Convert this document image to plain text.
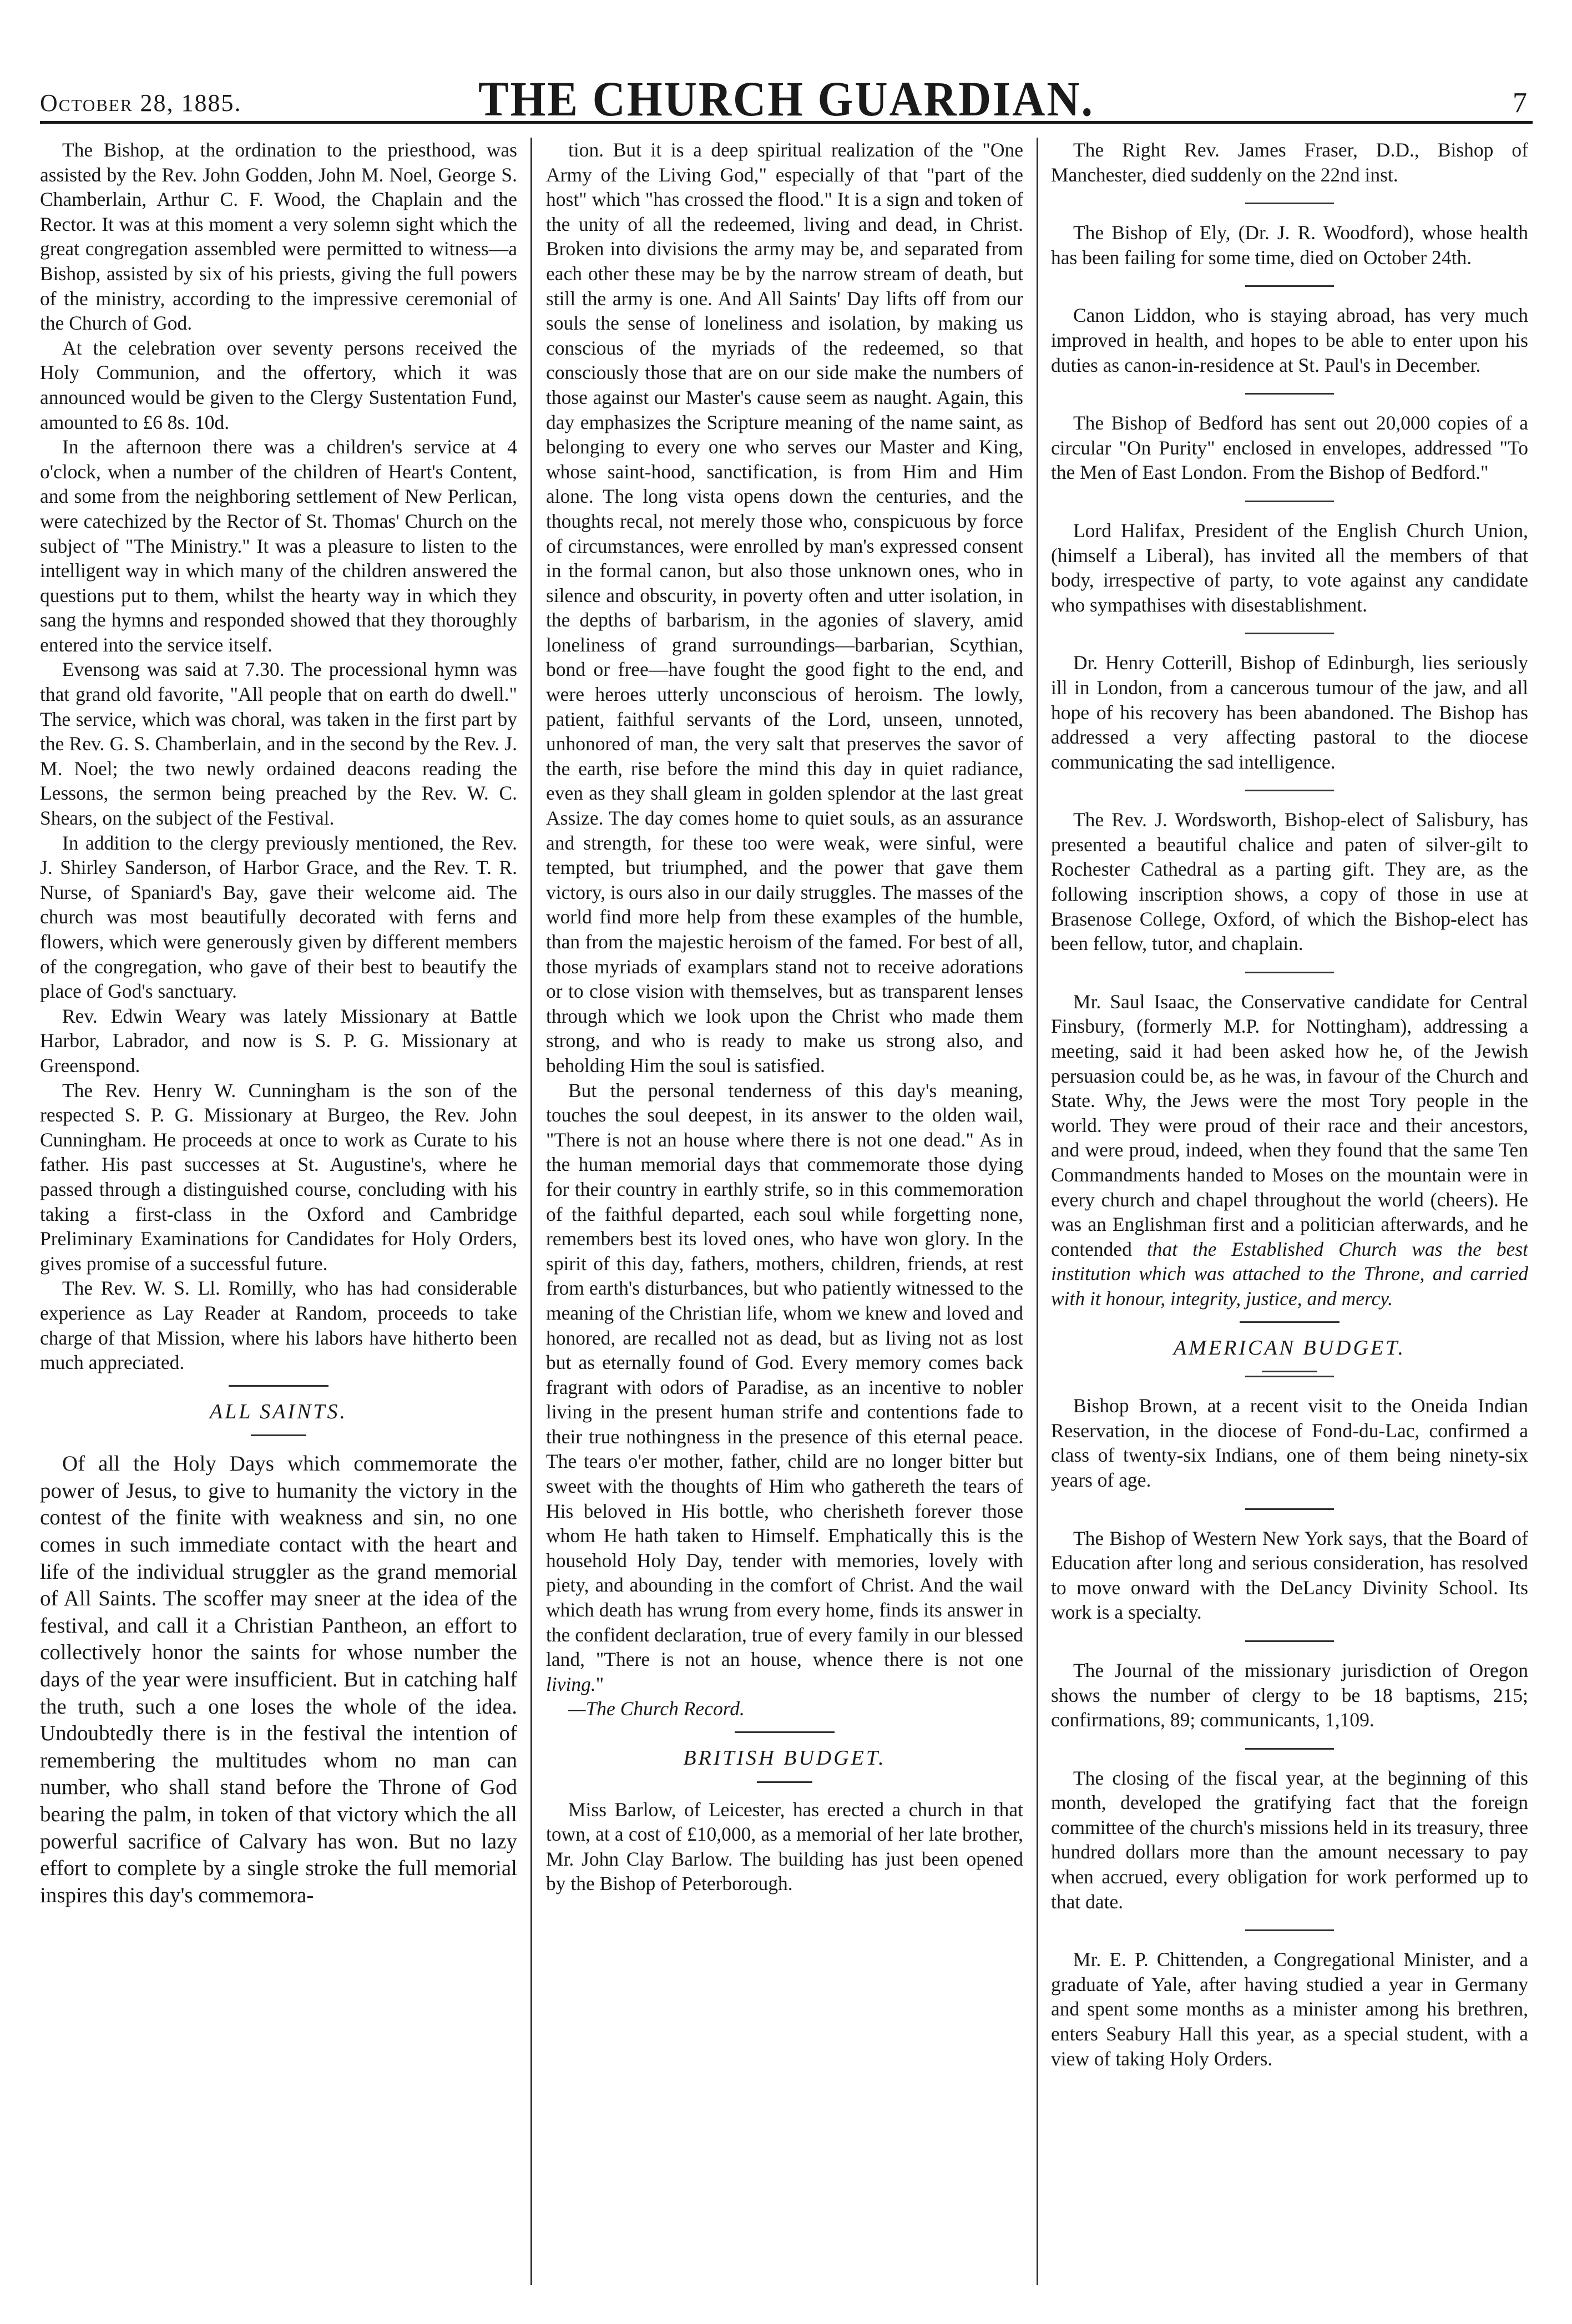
October 28, 1885.	THE CHURCH GUARDIAN.	7

The Bishop, at the ordination to the priesthood, was assisted by the Rev. John Godden, John M. Noel, George S. Chamberlain, Arthur C. F. Wood, the Chaplain and the Rector. It was at this moment a very solemn sight which the great congregation assembled were permitted to witness—a Bishop, assisted by six of his priests, giving the full powers of the ministry, according to the impressive ceremonial of the Church of God.

At the celebration over seventy persons received the Holy Communion, and the offertory, which it was announced would be given to the Clergy Sustentation Fund, amounted to £6 8s. 10d.

In the afternoon there was a children's service at 4 o'clock, when a number of the children of Heart's Content, and some from the neighboring settlement of New Perlican, were catechized by the Rector of St. Thomas' Church on the subject of "The Ministry." It was a pleasure to listen to the intelligent way in which many of the children answered the questions put to them, whilst the hearty way in which they sang the hymns and responded showed that they thoroughly entered into the service itself.

Evensong was said at 7.30. The processional hymn was that grand old favorite, "All people that on earth do dwell." The service, which was choral, was taken in the first part by the Rev. G. S. Chamberlain, and in the second by the Rev. J. M. Noel; the two newly ordained deacons reading the Lessons, the sermon being preached by the Rev. W. C. Shears, on the subject of the Festival.

In addition to the clergy previously mentioned, the Rev. J. Shirley Sanderson, of Harbor Grace, and the Rev. T. R. Nurse, of Spaniard's Bay, gave their welcome aid. The church was most beautifully decorated with ferns and flowers, which were generously given by different members of the congregation, who gave of their best to beautify the place of God's sanctuary.

Rev. Edwin Weary was lately Missionary at Battle Harbor, Labrador, and now is S. P. G. Missionary at Greenspond.

The Rev. Henry W. Cunningham is the son of the respected S. P. G. Missionary at Burgeo, the Rev. John Cunningham. He proceeds at once to work as Curate to his father. His past successes at St. Augustine's, where he passed through a distinguished course, concluding with his taking a first-class in the Oxford and Cambridge Preliminary Examinations for Candidates for Holy Orders, gives promise of a successful future.

The Rev. W. S. Ll. Romilly, who has had considerable experience as Lay Reader at Random, proceeds to take charge of that Mission, where his labors have hitherto been much appreciated.

ALL SAINTS.

Of all the Holy Days which commemorate the power of Jesus, to give to humanity the victory in the contest of the finite with weakness and sin, no one comes in such immediate contact with the heart and life of the individual struggler as the grand memorial of All Saints. The scoffer may sneer at the idea of the festival, and call it a Christian Pantheon, an effort to collectively honor the saints for whose number the days of the year were insufficient. But in catching half the truth, such a one loses the whole of the idea. Undoubtedly there is in the festival the intention of remembering the multitudes whom no man can number, who shall stand before the Throne of God bearing the palm, in token of that victory which the all powerful sacrifice of Calvary has won. But no lazy effort to complete by a single stroke the full memorial inspires this day's commemora-

tion. But it is a deep spiritual realization of the "One Army of the Living God," especially of that "part of the host" which "has crossed the flood." It is a sign and token of the unity of all the redeemed, living and dead, in Christ. Broken into divisions the army may be, and separated from each other these may be by the narrow stream of death, but still the army is one. And All Saints' Day lifts off from our souls the sense of loneliness and isolation, by making us conscious of the myriads of the redeemed, so that consciously those that are on our side make the numbers of those against our Master's cause seem as naught. Again, this day emphasizes the Scripture meaning of the name saint, as belonging to every one who serves our Master and King, whose saint-hood, sanctification, is from Him and Him alone. The long vista opens down the centuries, and the thoughts recal, not merely those who, conspicuous by force of circumstances, were enrolled by man's expressed consent in the formal canon, but also those unknown ones, who in silence and obscurity, in poverty often and utter isolation, in the depths of barbarism, in the agonies of slavery, amid loneliness of grand surroundings—barbarian, Scythian, bond or free—have fought the good fight to the end, and were heroes utterly unconscious of heroism. The lowly, patient, faithful servants of the Lord, unseen, unnoted, unhonored of man, the very salt that preserves the savor of the earth, rise before the mind this day in quiet radiance, even as they shall gleam in golden splendor at the last great Assize. The day comes home to quiet souls, as an assurance and strength, for these too were weak, were sinful, were tempted, but triumphed, and the power that gave them victory, is ours also in our daily struggles. The masses of the world find more help from these examples of the humble, than from the majestic heroism of the famed. For best of all, those myriads of examplars stand not to receive adorations or to close vision with themselves, but as transparent lenses through which we look upon the Christ who made them strong, and who is ready to make us strong also, and beholding Him the soul is satisfied.

But the personal tenderness of this day's meaning, touches the soul deepest, in its answer to the olden wail, "There is not an house where there is not one dead." As in the human memorial days that commemorate those dying for their country in earthly strife, so in this commemoration of the faithful departed, each soul while forgetting none, remembers best its loved ones, who have won glory. In the spirit of this day, fathers, mothers, children, friends, at rest from earth's disturbances, but who patiently witnessed to the meaning of the Christian life, whom we knew and loved and honored, are recalled not as dead, but as living not as lost but as eternally found of God. Every memory comes back fragrant with odors of Paradise, as an incentive to nobler living in the present human strife and contentions fade to their true nothingness in the presence of this eternal peace. The tears o'er mother, father, child are no longer bitter but sweet with the thoughts of Him who gathereth the tears of His beloved in His bottle, who cherisheth forever those whom He hath taken to Himself. Emphatically this is the household Holy Day, tender with memories, lovely with piety, and abounding in the comfort of Christ. And the wail which death has wrung from every home, finds its answer in the confident declaration, true of every family in our blessed land, "There is not an house, whence there is not one living."

—The Church Record.

BRITISH BUDGET.

Miss Barlow, of Leicester, has erected a church in that town, at a cost of £10,000, as a memorial of her late brother, Mr. John Clay Barlow. The building has just been opened by the Bishop of Peterborough.

The Right Rev. James Fraser, D.D., Bishop of Manchester, died suddenly on the 22nd inst.

The Bishop of Ely, (Dr. J. R. Woodford), whose health has been failing for some time, died on October 24th.

Canon Liddon, who is staying abroad, has very much improved in health, and hopes to be able to enter upon his duties as canon-in-residence at St. Paul's in December.

The Bishop of Bedford has sent out 20,000 copies of a circular "On Purity" enclosed in envelopes, addressed "To the Men of East London. From the Bishop of Bedford."

Lord Halifax, President of the English Church Union, (himself a Liberal), has invited all the members of that body, irrespective of party, to vote against any candidate who sympathises with disestablishment.

Dr. Henry Cotterill, Bishop of Edinburgh, lies seriously ill in London, from a cancerous tumour of the jaw, and all hope of his recovery has been abandoned. The Bishop has addressed a very affecting pastoral to the diocese communicating the sad intelligence.

The Rev. J. Wordsworth, Bishop-elect of Salisbury, has presented a beautiful chalice and paten of silver-gilt to Rochester Cathedral as a parting gift. They are, as the following inscription shows, a copy of those in use at Brasenose College, Oxford, of which the Bishop-elect has been fellow, tutor, and chaplain.

Mr. Saul Isaac, the Conservative candidate for Central Finsbury, (formerly M.P. for Nottingham), addressing a meeting, said it had been asked how he, of the Jewish persuasion could be, as he was, in favour of the Church and State. Why, the Jews were the most Tory people in the world. They were proud of their race and their ancestors, and were proud, indeed, when they found that the same Ten Commandments handed to Moses on the mountain were in every church and chapel throughout the world (cheers). He was an Englishman first and a politician afterwards, and he contended that the Established Church was the best institution which was attached to the Throne, and carried with it honour, integrity, justice, and mercy.

AMERICAN BUDGET.

Bishop Brown, at a recent visit to the Oneida Indian Reservation, in the diocese of Fond-du-Lac, confirmed a class of twenty-six Indians, one of them being ninety-six years of age.

The Bishop of Western New York says, that the Board of Education after long and serious consideration, has resolved to move onward with the DeLancy Divinity School. Its work is a specialty.

The Journal of the missionary jurisdiction of Oregon shows the number of clergy to be 18 baptisms, 215; confirmations, 89; communicants, 1,109.

The closing of the fiscal year, at the beginning of this month, developed the gratifying fact that the foreign committee of the church's missions held in its treasury, three hundred dollars more than the amount necessary to pay when accrued, every obligation for work performed up to that date.

Mr. E. P. Chittenden, a Congregational Minister, and a graduate of Yale, after having studied a year in Germany and spent some months as a minister among his brethren, enters Seabury Hall this year, as a special student, with a view of taking Holy Orders.
